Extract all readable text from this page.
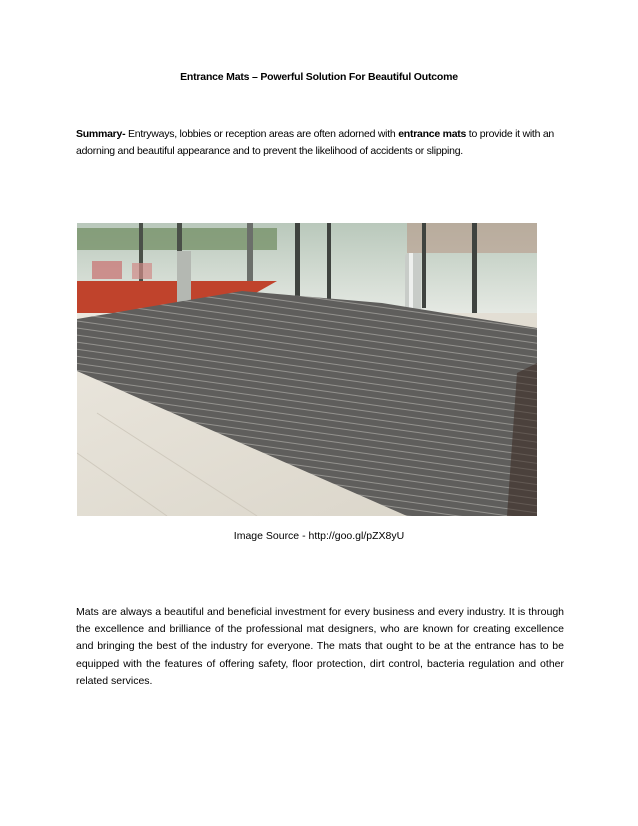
Entrance Mats – Powerful Solution For Beautiful Outcome
Summary- Entryways, lobbies or reception areas are often adorned with entrance mats to provide it with an adorning and beautiful appearance and to prevent the likelihood of accidents or slipping.
Image Source - http://goo.gl/pZX8yU
Mats are always a beautiful and beneficial investment for every business and every industry. It is through the excellence and brilliance of the professional mat designers, who are known for creating excellence and bringing the best of the industry for everyone. The mats that ought to be at the entrance has to be equipped with the features of offering safety, floor protection, dirt control, bacteria regulation and other related services.
